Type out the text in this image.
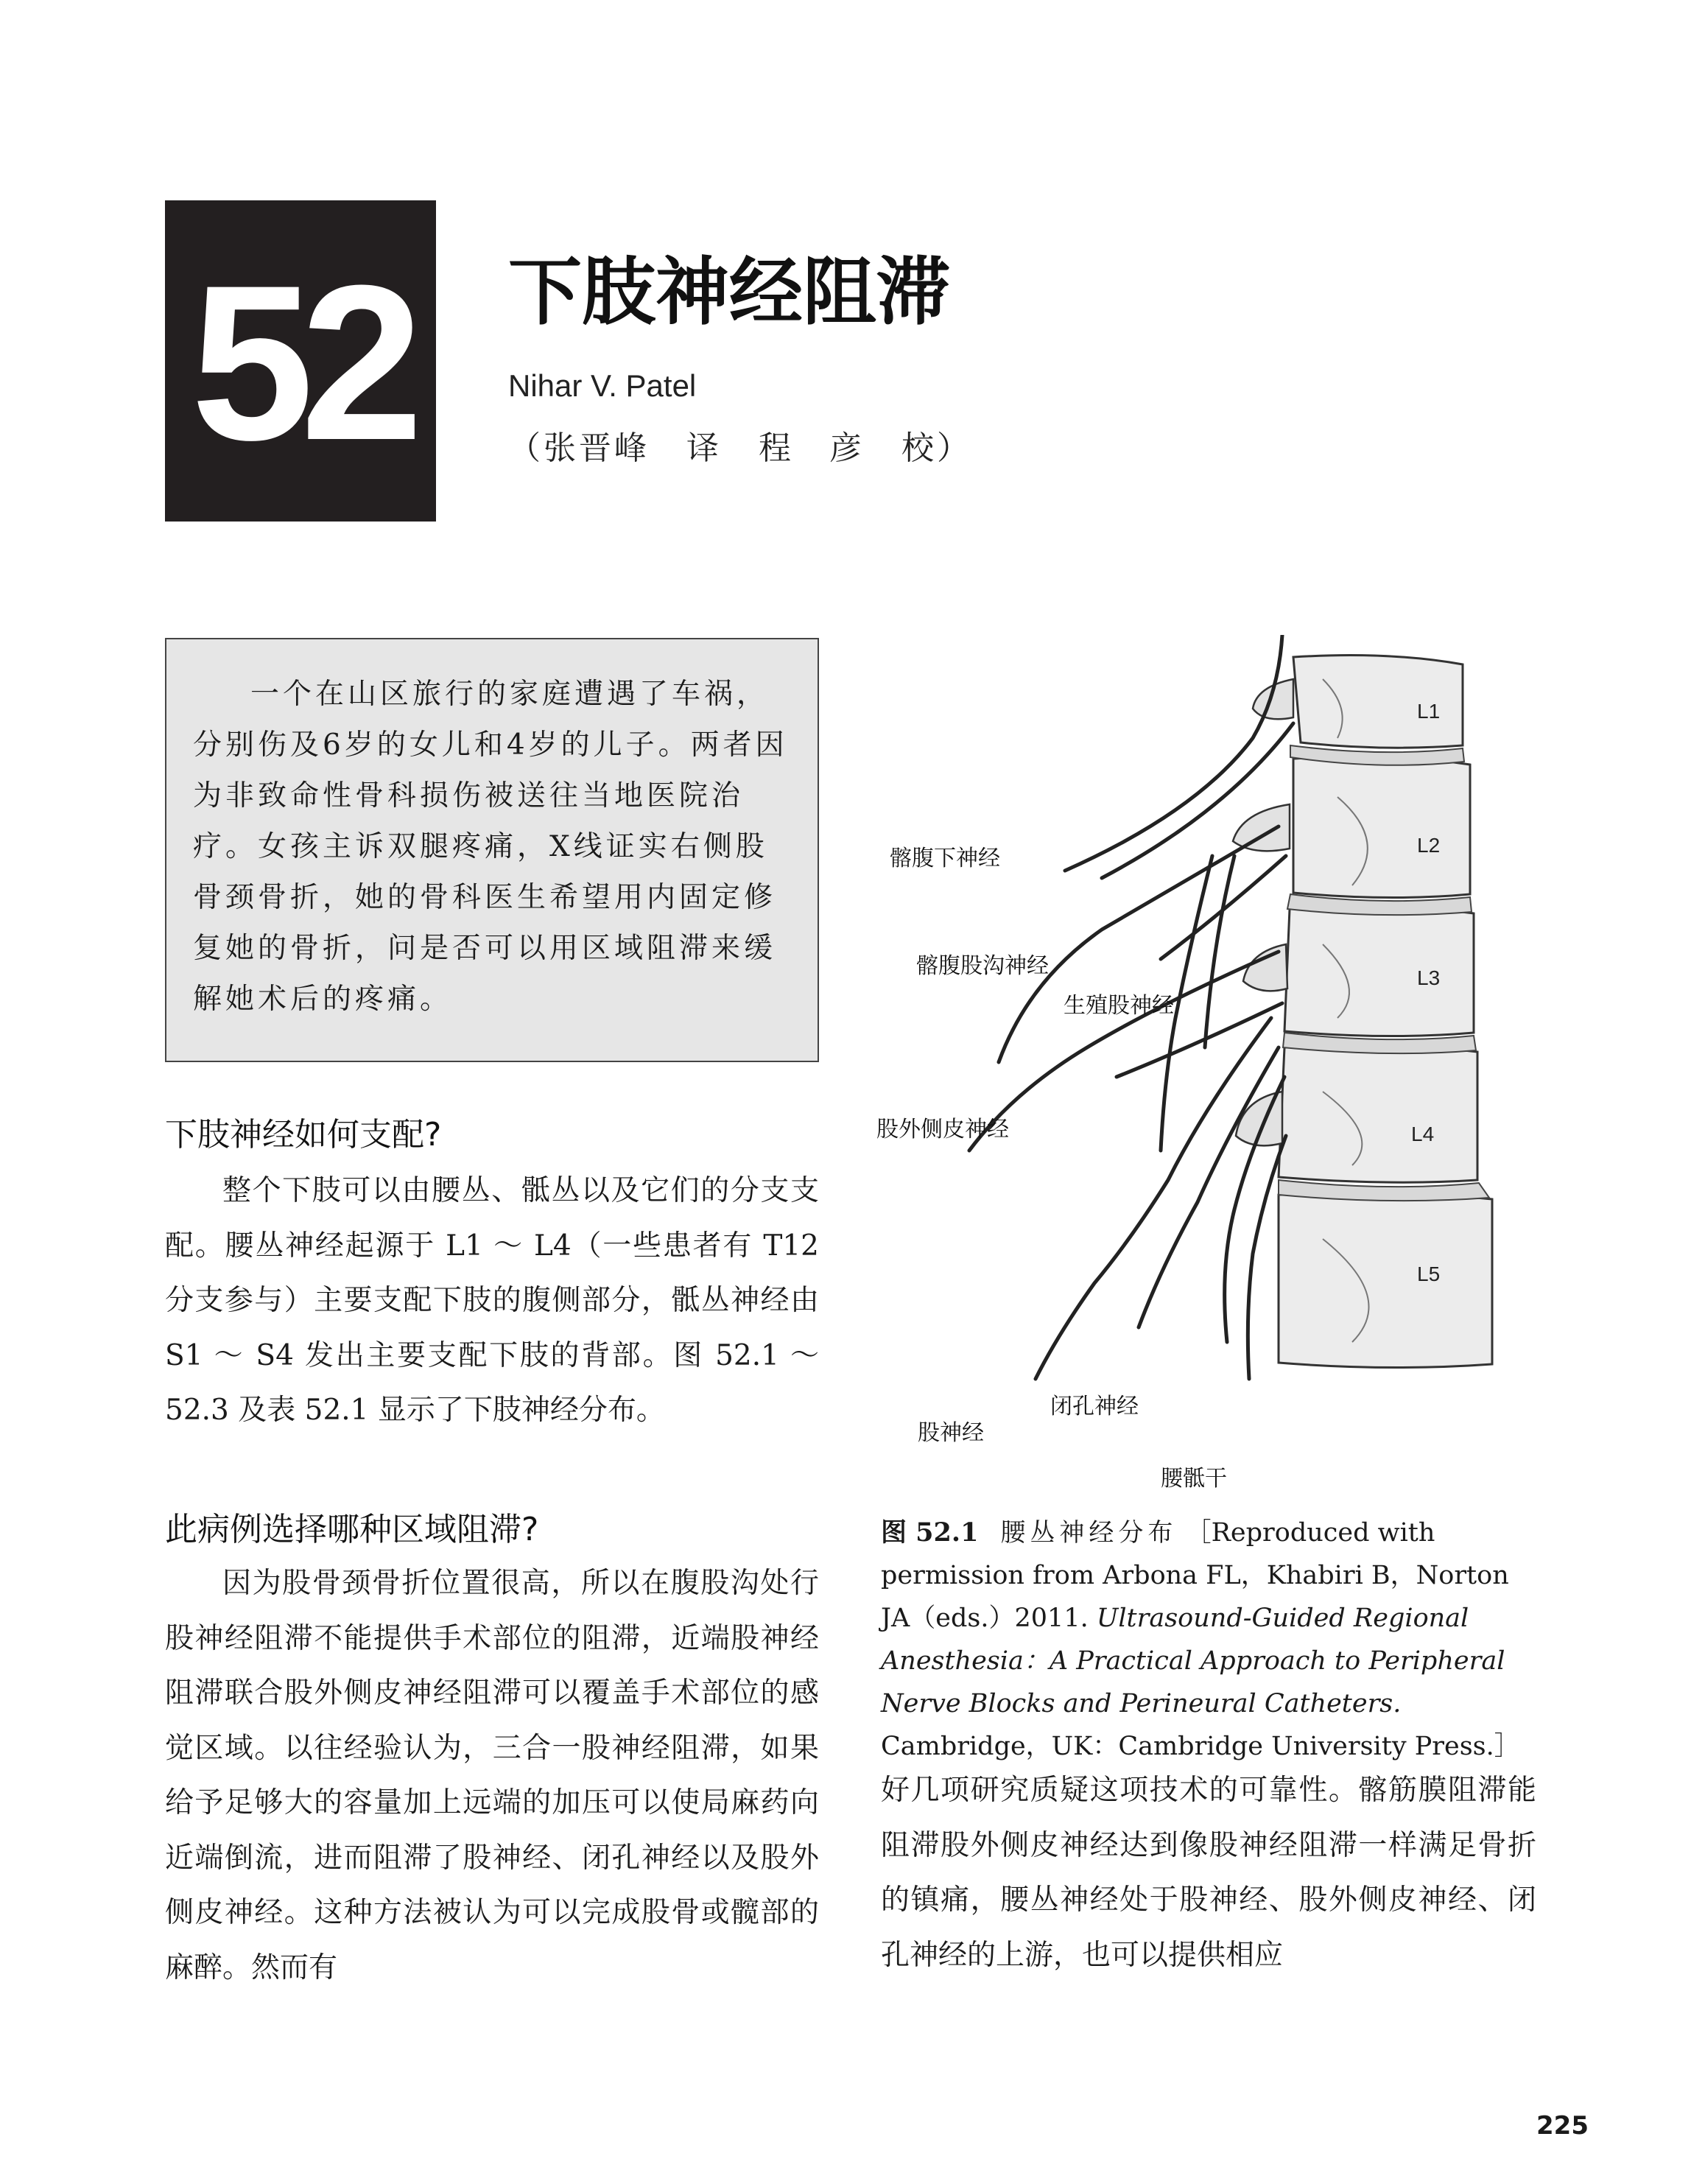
52	下肢神经阻滞
Nihar V. Patel
（张晋峰 译 程　彦 校）
一个在山区旅行的家庭遭遇了车祸，分别伤及6岁的女儿和4岁的儿子。两者因为非致命性骨科损伤被送往当地医院治疗。女孩主诉双腿疼痛，X线证实右侧股骨颈骨折，她的骨科医生希望用内固定修复她的骨折，问是否可以用区域阻滞来缓解她术后的疼痛。
下肢神经如何支配?

整个下肢可以由腰丛、骶丛以及它们的分支支配。腰丛神经起源于 L1 ～ L4（一些患者有 T12 分支参与）主要支配下肢的腹侧部分，骶丛神经由 S1 ～ S4 发出主要支配下肢的背部。图 52.1 ～ 52.3 及表 52.1 显示了下肢神经分布。

此病例选择哪种区域阻滞?

因为股骨颈骨折位置很高，所以在腹股沟处行股神经阻滞不能提供手术部位的阻滞，近端股神经阻滞联合股外侧皮神经阻滞可以覆盖手术部位的感觉区域。以往经验认为，三合一股神经阻滞，如果给予足够大的容量加上远端的加压可以使局麻药向近端倒流，进而阻滞了股神经、闭孔神经以及股外侧皮神经。这种方法被认为可以完成股骨或髋部的麻醉。然而有

L1
L2
L3
L4
L5
髂腹下神经
髂腹股沟神经
生殖股神经
股外侧皮神经
股神经
闭孔神经
腰骶干

图 52.1 腰丛神经分布 ［Reproduced with permission from Arbona FL，Khabiri B，Norton JA（eds.）2011. Ultrasound-Guided Regional Anesthesia：A Practical Approach to Peripheral Nerve Blocks and Perineural Catheters. Cambridge，UK：Cambridge University Press.］

好几项研究质疑这项技术的可靠性。髂筋膜阻滞能阻滞股外侧皮神经达到像股神经阻滞一样满足骨折的镇痛，腰丛神经处于股神经、股外侧皮神经、闭孔神经的上游，也可以提供相应

225
